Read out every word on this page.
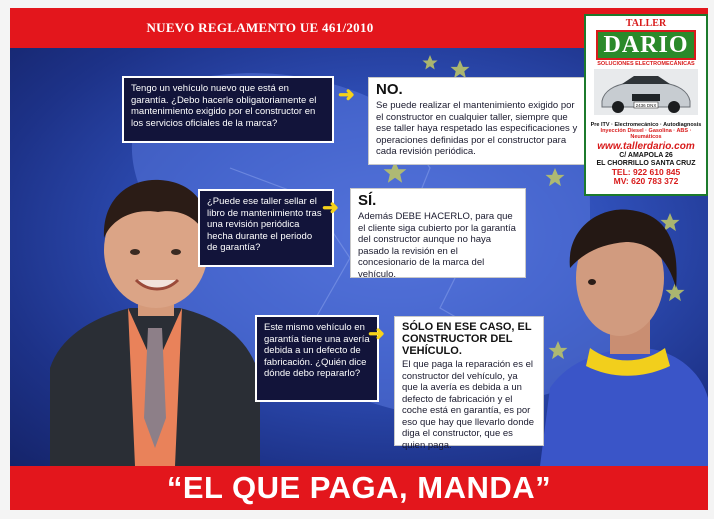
NUEVO REGLAMENTO UE 461/2010
Tengo un vehículo nuevo que está en garantía. ¿Debo hacerle obligatoriamente el mantenimiento exigido por el constructor en los servicios oficiales de la marca?
➜ NO.
Se puede realizar el mantenimiento exigido por el constructor en cualquier taller, siempre que ese taller haya respetado las especificaciones y operaciones definidas por el constructor para cada revisión periódica.
¿Puede ese taller sellar el libro de mantenimiento tras una revisión periódica hecha durante el periodo de garantía?
➜ SÍ.
Además DEBE HACERLO, para que el cliente siga cubierto por la garantía del constructor aunque no haya pasado la revisión en el concesionario de la marca del vehículo.
Este mismo vehículo en garantía tiene una avería debida a un defecto de fabricación. ¿Quién dice dónde debo repararlo?
➜ SÓLO EN ESE CASO, EL CONSTRUCTOR DEL VEHÍCULO.
El que paga la reparación es el constructor del vehículo, ya que la avería es debida a un defecto de fabricación y el coche está en garantía, es por eso que hay que llevarlo donde diga el constructor, que es quien paga.
“EL QUE PAGA, MANDA”
TALLER
DARIO
SOLUCIONES ELECTROMECÁNICAS
2436 DNX
Pre ITV · Electromecánico · Autodiagnosis
Inyección Diesel · Gasolina · ABS · Neumáticos
www.tallerdario.com
C/ AMAPOLA 26
EL CHORRILLO SANTA CRUZ
TEL: 922 610 845
MV: 620 783 372
